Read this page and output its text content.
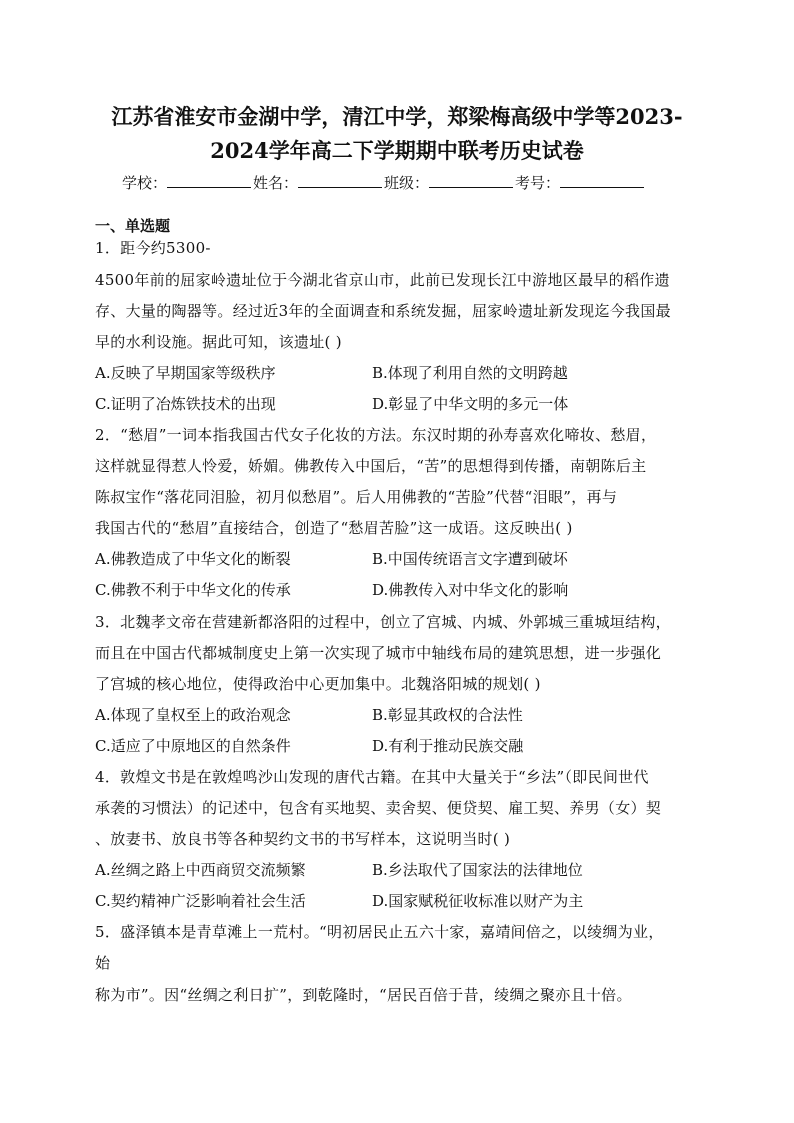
江苏省淮安市金湖中学，清江中学，郑梁梅高级中学等2023-
2024学年高二下学期期中联考历史试卷
学校：	姓名：	班级：	考号：
一、单选题
1．距今约5300-
4500年前的屈家岭遗址位于今湖北省京山市，此前已发现长江中游地区最早的稻作遗
存、大量的陶器等。经过近3年的全面调查和系统发掘，屈家岭遗址新发现迄今我国最
早的水利设施。据此可知，该遗址( )
A.反映了早期国家等级秩序	B.体现了利用自然的文明跨越
C.证明了冶炼铁技术的出现	D.彰显了中华文明的多元一体
2．“愁眉”一词本指我国古代女子化妆的方法。东汉时期的孙寿喜欢化啼妆、愁眉，
这样就显得惹人怜爱，娇媚。佛教传入中国后，“苦”的思想得到传播，南朝陈后主
陈叔宝作“落花同泪脸，初月似愁眉”。后人用佛教的“苦脸”代替“泪眼”，再与
我国古代的“愁眉”直接结合，创造了“愁眉苦脸”这一成语。这反映出( )
A.佛教造成了中华文化的断裂	B.中国传统语言文字遭到破坏
C.佛教不利于中华文化的传承	D.佛教传入对中华文化的影响
3．北魏孝文帝在营建新都洛阳的过程中，创立了宫城、内城、外郭城三重城垣结构，
而且在中国古代都城制度史上第一次实现了城市中轴线布局的建筑思想，进一步强化
了宫城的核心地位，使得政治中心更加集中。北魏洛阳城的规划( )
A.体现了皇权至上的政治观念	B.彰显其政权的合法性
C.适应了中原地区的自然条件	D.有利于推动民族交融
4．敦煌文书是在敦煌鸣沙山发现的唐代古籍。在其中大量关于“乡法”（即民间世代
承袭的习惯法）的记述中，包含有买地契、卖舍契、便贷契、雇工契、养男（女）契
、放妻书、放良书等各种契约文书的书写样本，这说明当时( )
A.丝绸之路上中西商贸交流频繁	B.乡法取代了国家法的法律地位
C.契约精神广泛影响着社会生活	D.国家赋税征收标准以财产为主
5．盛泽镇本是青草滩上一荒村。“明初居民止五六十家，嘉靖间倍之，以绫绸为业，
始
称为市”。因“丝绸之利日扩”，到乾隆时，“居民百倍于昔，绫绸之聚亦且十倍。
